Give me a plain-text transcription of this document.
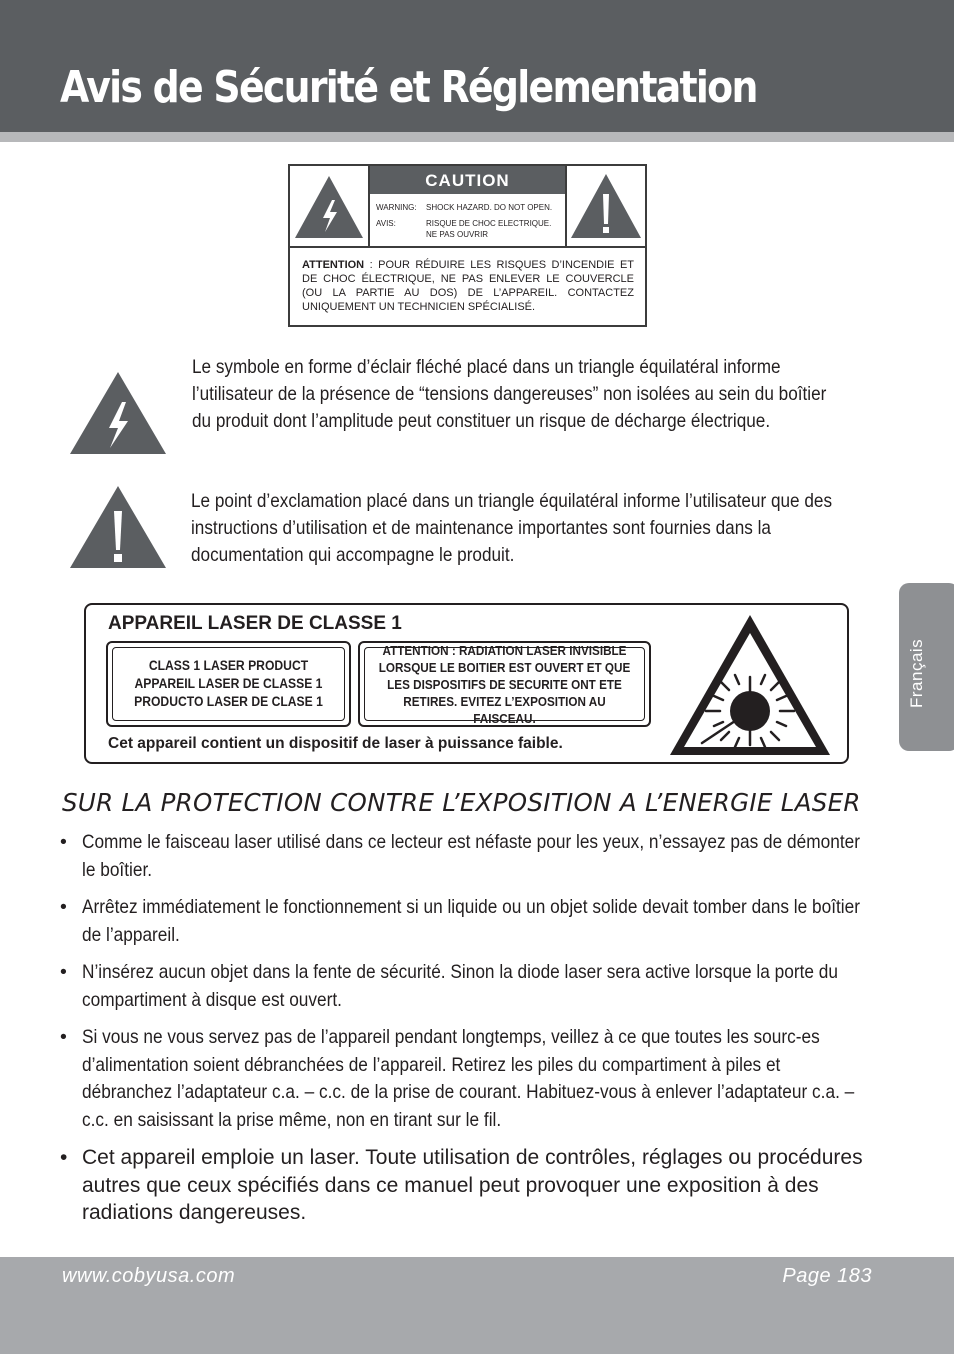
Avis de Sécurité et Réglementation
CAUTION
WARNING:	SHOCK HAZARD. DO NOT OPEN.
AVIS:	RISQUE DE CHOC ELECTRIQUE. NE PAS OUVRIR
ATTENTION : POUR RÉDUIRE LES RISQUES D’INCENDIE ET DE CHOC ÉLECTRIQUE, NE PAS ENLEVER LE COUVERCLE (OU LA PARTIE AU DOS) DE L’APPAREIL. CONTACTEZ UNIQUEMENT UN TECHNICIEN SPÉCIALISÉ.
Le symbole en forme d’éclair fléché placé dans un triangle équilatéral informe l’utilisateur de la présence de “tensions dangereuses” non isolées au sein du boîtier du produit dont l’amplitude peut constituer un risque de décharge électrique.
Le point d’exclamation placé dans un triangle équilatéral informe l’utilisateur que des instructions d’utilisation et de maintenance importantes sont fournies dans la documentation qui accompagne le produit.
APPAREIL LASER DE CLASSE 1
CLASS 1 LASER PRODUCT
APPAREIL LASER DE CLASSE 1
PRODUCTO LASER DE CLASE 1
ATTENTION : RADIATION LASER INVISIBLE
LORSQUE LE BOITIER EST OUVERT ET QUE
LES DISPOSITIFS DE SECURITE ONT ETE
RETIRES. EVITEZ L’EXPOSITION AU FAISCEAU.
Cet appareil contient un dispositif de laser à puissance faible.
SUR LA PROTECTION CONTRE L’EXPOSITION A L’ENERGIE LASER
• Comme le faisceau laser utilisé dans ce lecteur est néfaste pour les yeux, n’essayez pas de démonter le boîtier.
• Arrêtez immédiatement le fonctionnement si un liquide ou un objet solide devait tomber dans le boîtier de l’appareil.
• N’insérez aucun objet dans la fente de sécurité. Sinon la diode laser sera active lorsque la porte du compartiment à disque est ouvert.
• Si vous ne vous servez pas de l’appareil pendant longtemps, veillez à ce que toutes les sourc-es d’alimentation soient débranchées de l’appareil. Retirez les piles du compartiment à piles et débranchez l’adaptateur c.a. – c.c. de la prise de courant. Habituez-vous à enlever l’adaptateur c.a. – c.c. en saisissant la prise même, non en tirant sur le fil.
• Cet appareil emploie un laser. Toute utilisation de contrôles, réglages ou procédures autres que ceux spécifiés dans ce manuel peut provoquer une exposition à des radiations dangereuses.
Français
www.cobyusa.com	Page 183
